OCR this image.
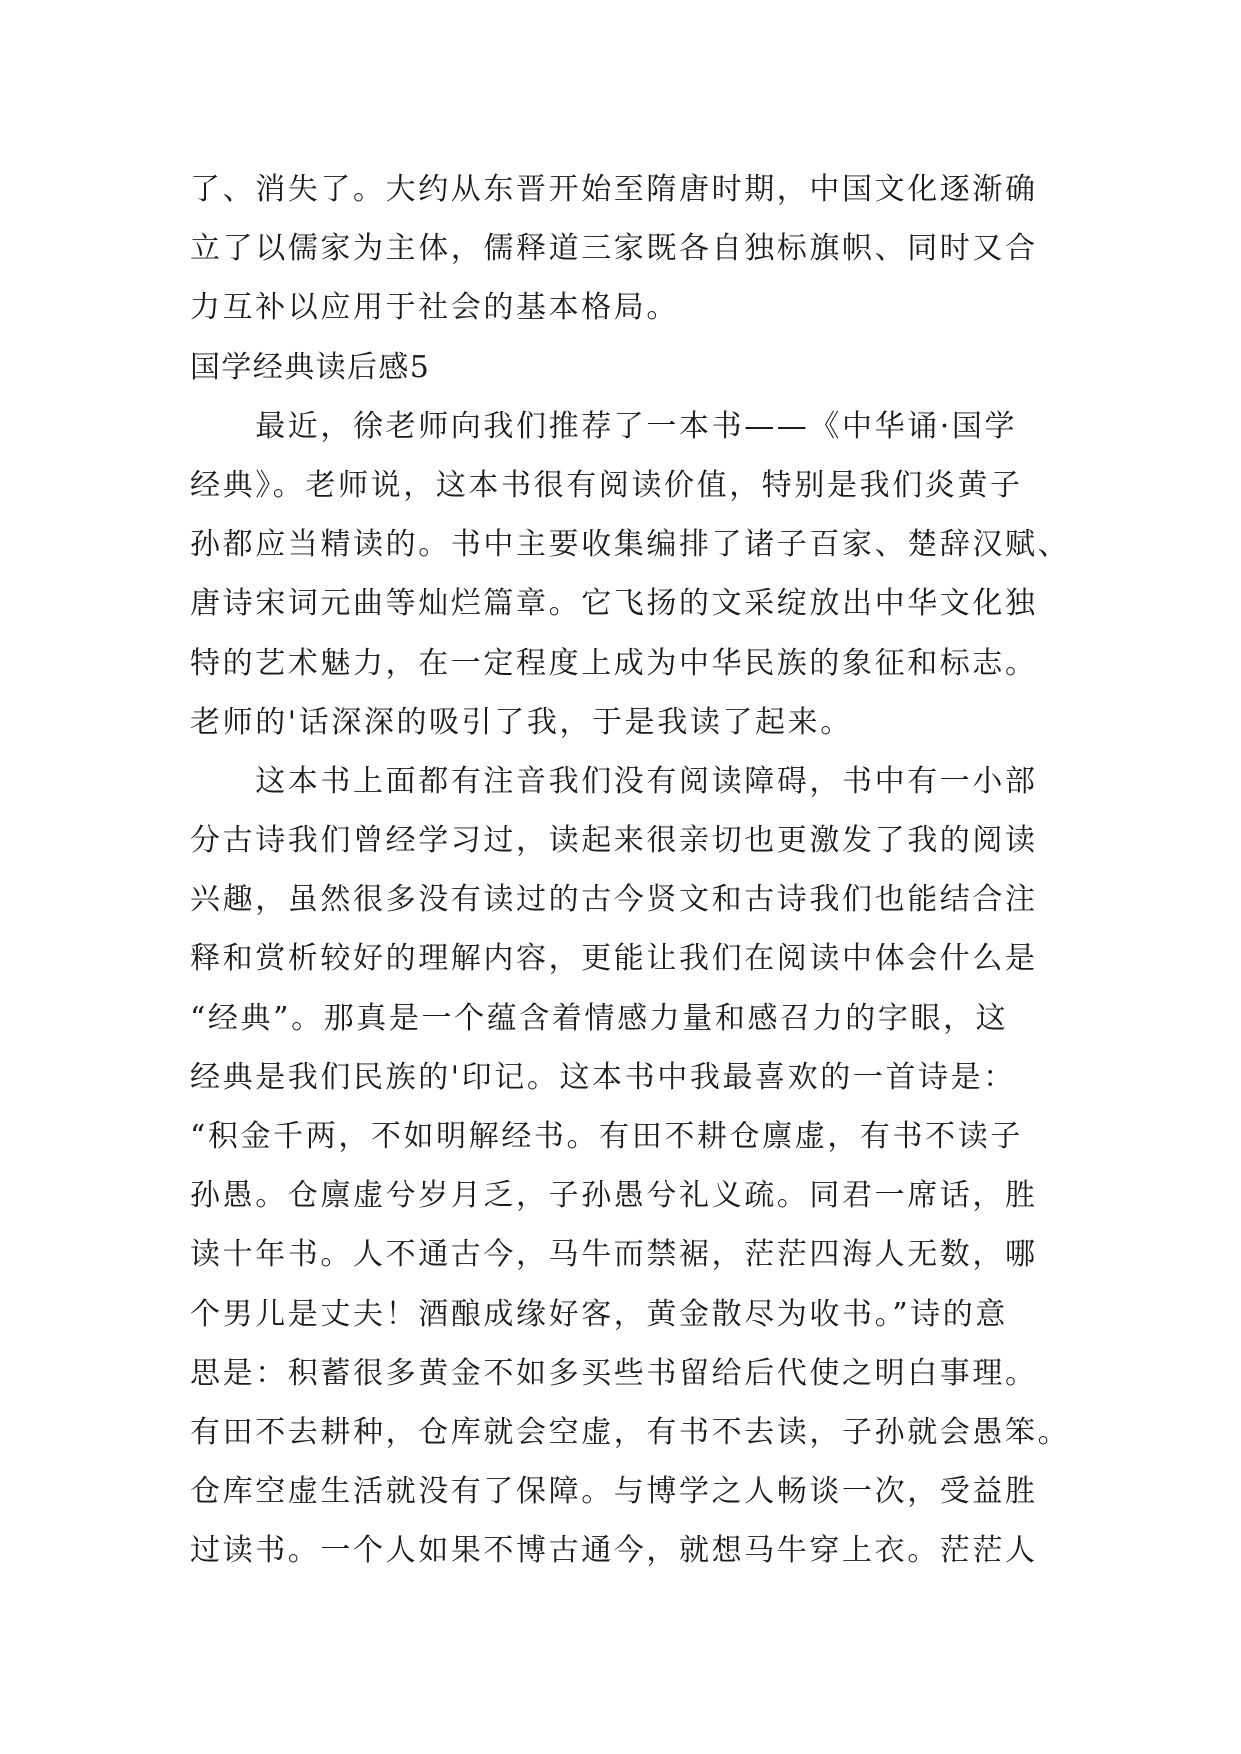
了、消失了。大约从东晋开始至隋唐时期，中国文化逐渐确
立了以儒家为主体，儒释道三家既各自独标旗帜、同时又合
力互补以应用于社会的基本格局。
国学经典读后感5
　　最近，徐老师向我们推荐了一本书——《中华诵·国学
经典》。老师说，这本书很有阅读价值，特别是我们炎黄子
孙都应当精读的。书中主要收集编排了诸子百家、楚辞汉赋、
唐诗宋词元曲等灿烂篇章。它飞扬的文采绽放出中华文化独
特的艺术魅力，在一定程度上成为中华民族的象征和标志。
老师的'话深深的吸引了我，于是我读了起来。
　　这本书上面都有注音我们没有阅读障碍，书中有一小部
分古诗我们曾经学习过，读起来很亲切也更激发了我的阅读
兴趣，虽然很多没有读过的古今贤文和古诗我们也能结合注
释和赏析较好的理解内容，更能让我们在阅读中体会什么是
“经典”。那真是一个蕴含着情感力量和感召力的字眼，这
经典是我们民族的'印记。这本书中我最喜欢的一首诗是：
“积金千两，不如明解经书。有田不耕仓廪虚，有书不读子
孙愚。仓廪虚兮岁月乏，子孙愚兮礼义疏。同君一席话，胜
读十年书。人不通古今，马牛而禁裾，茫茫四海人无数，哪
个男儿是丈夫！酒酿成缘好客，黄金散尽为收书。”诗的意
思是：积蓄很多黄金不如多买些书留给后代使之明白事理。
有田不去耕种，仓库就会空虚，有书不去读，子孙就会愚笨。
仓库空虚生活就没有了保障。与博学之人畅谈一次，受益胜
过读书。一个人如果不博古通今，就想马牛穿上衣。茫茫人
